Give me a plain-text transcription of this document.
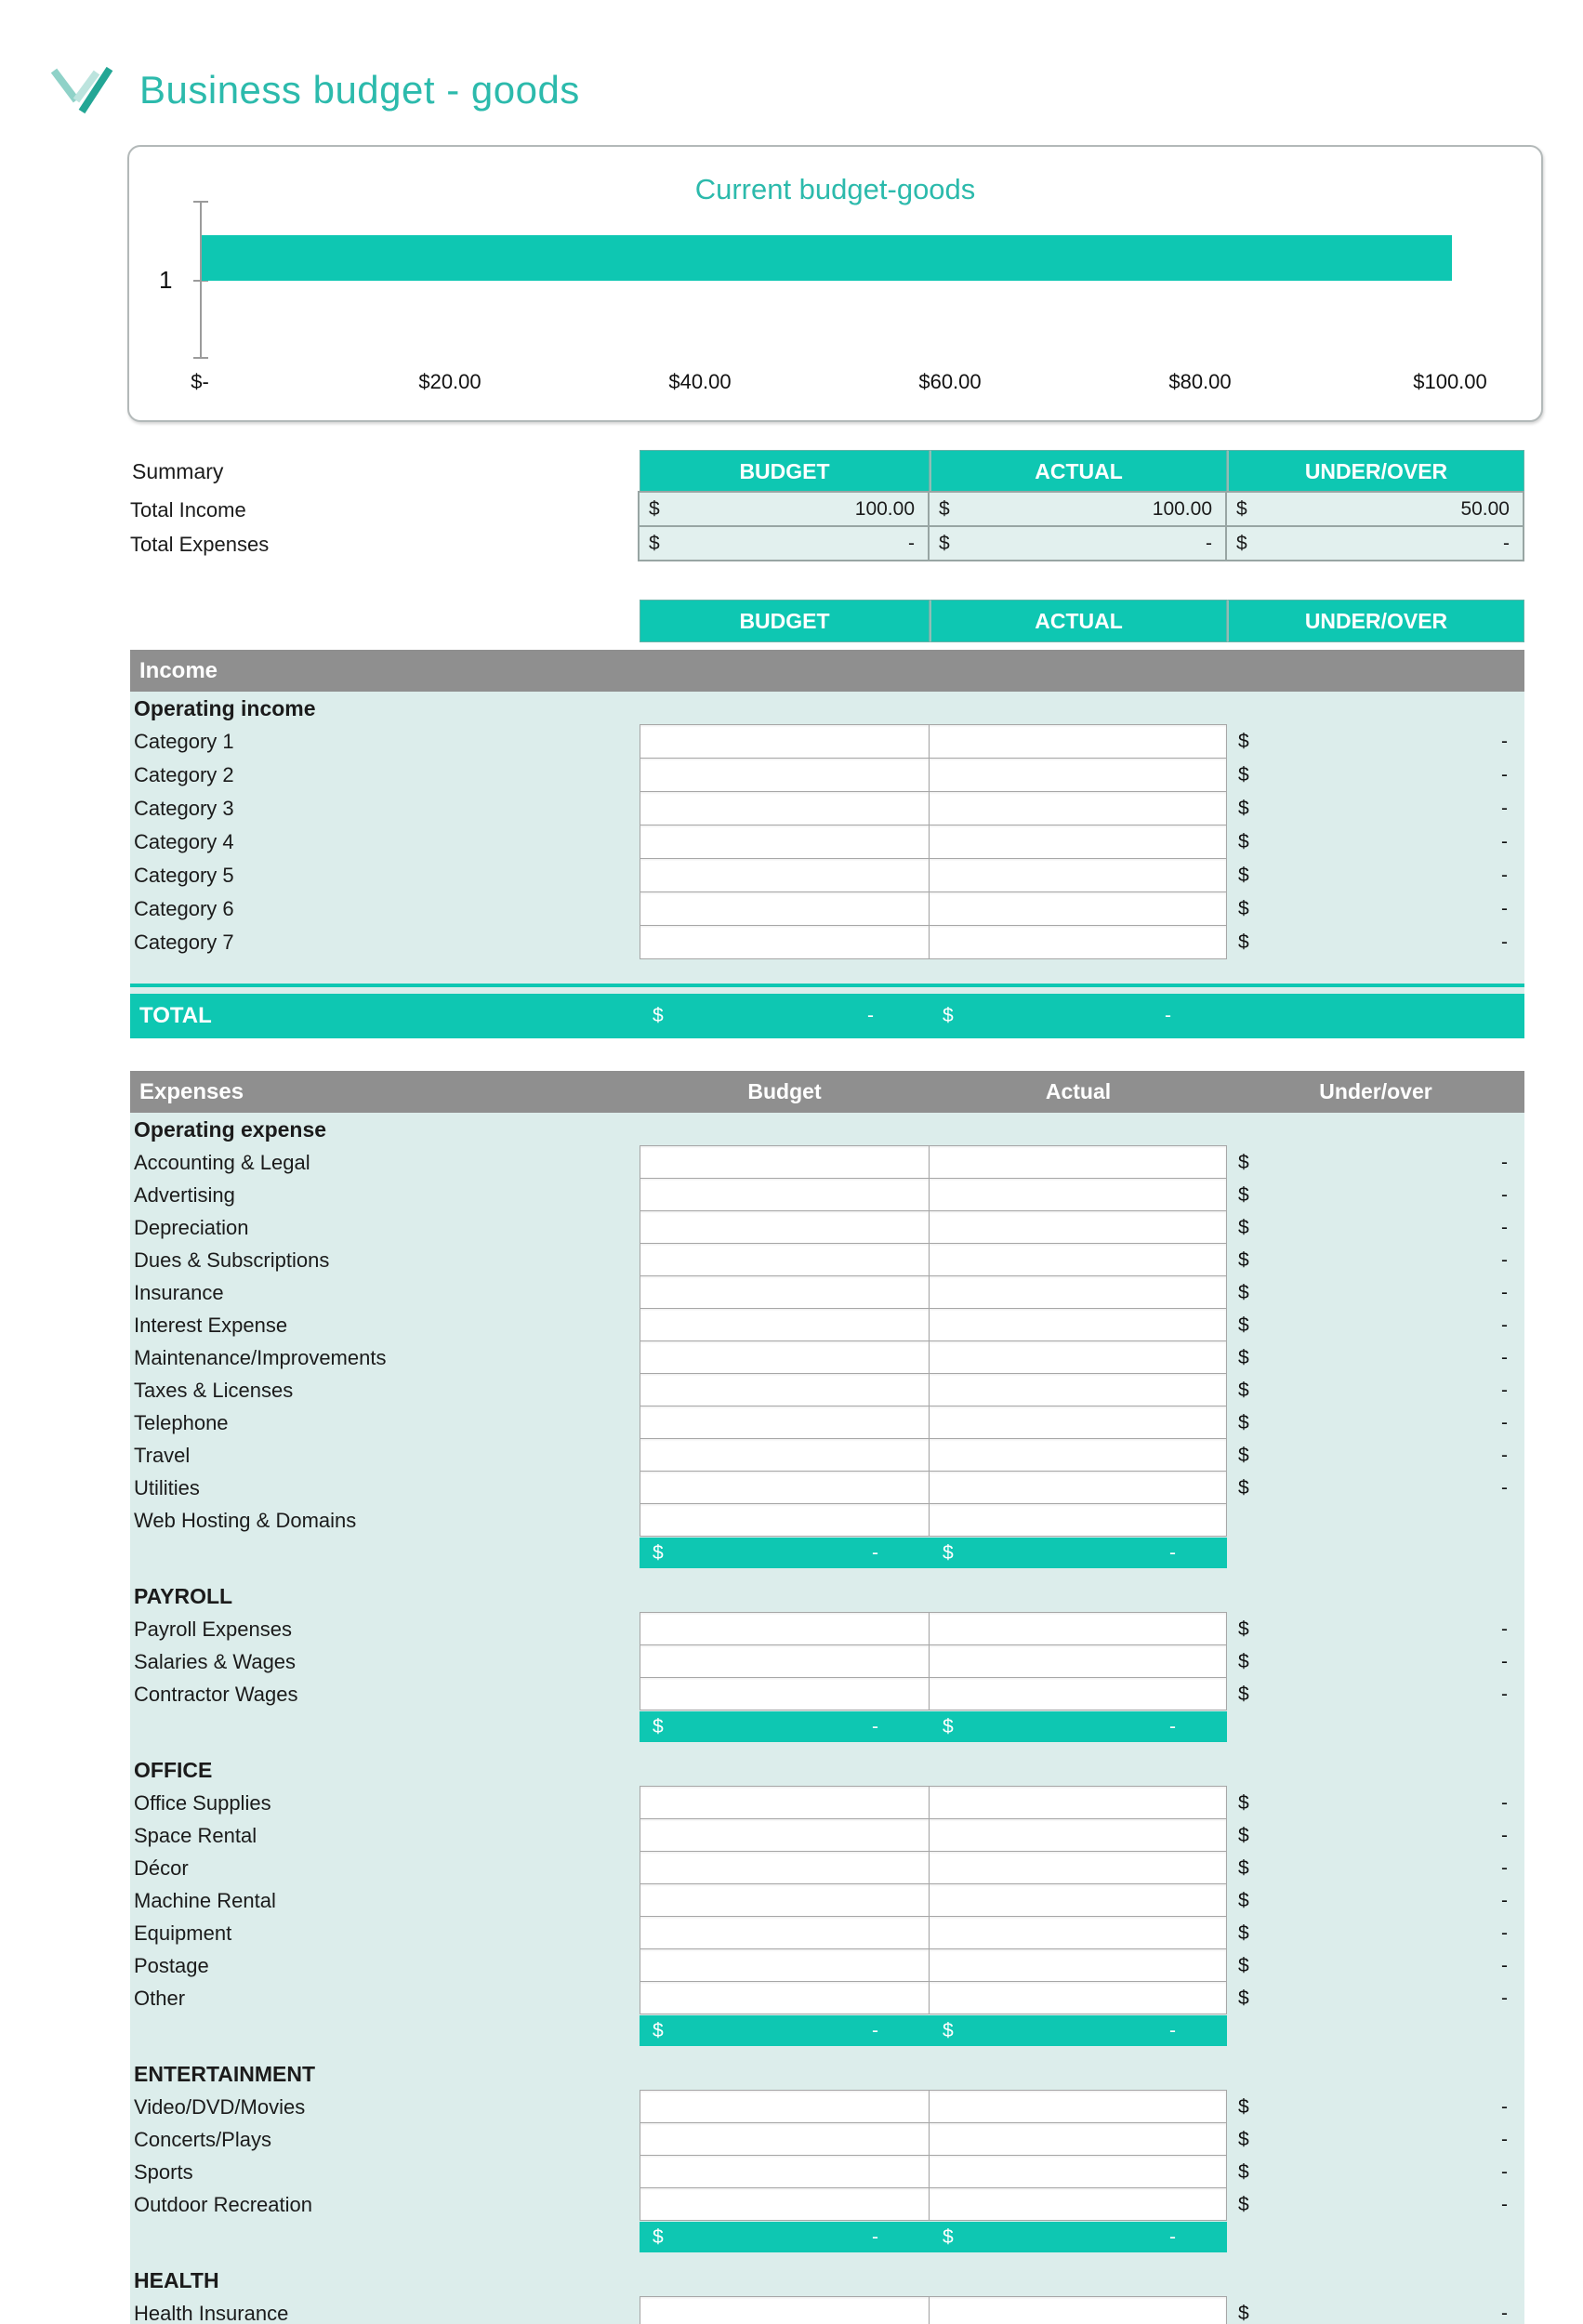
Business budget - goods
Current budget-goods
1
$-	$20.00	$40.00	$60.00	$80.00	$100.00
Summary	BUDGET	ACTUAL	UNDER/OVER
Total Income	$	100.00 $	100.00 $	50.00
Total Expenses	$	- $	- $	-
BUDGET	ACTUAL	UNDER/OVER
Income
Operating income
Category 1	$	-
Category 2	$	-
Category 3	$	-
Category 4	$	-
Category 5	$	-
Category 6	$	-
Category 7	$	-
TOTAL	$	-	$	-
Expenses	Budget	Actual	Under/over
Operating expense
Accounting & Legal	$	-
Advertising	$	-
Depreciation	$	-
Dues & Subscriptions	$	-
Insurance	$	-
Interest Expense	$	-
Maintenance/Improvements	$	-
Taxes & Licenses	$	-
Telephone	$	-
Travel	$	-
Utilities	$	-
Web Hosting & Domains
$	-	$	-
PAYROLL
Payroll Expenses	$	-
Salaries & Wages	$	-
Contractor Wages	$	-
$	-	$	-
OFFICE
Office Supplies	$	-
Space Rental	$	-
Décor	$	-
Machine Rental	$	-
Equipment	$	-
Postage	$	-
Other	$	-
$	-	$	-
ENTERTAINMENT
Video/DVD/Movies	$	-
Concerts/Plays	$	-
Sports	$	-
Outdoor Recreation	$	-
$	-	$	-
HEALTH
Health Insurance	$	-
